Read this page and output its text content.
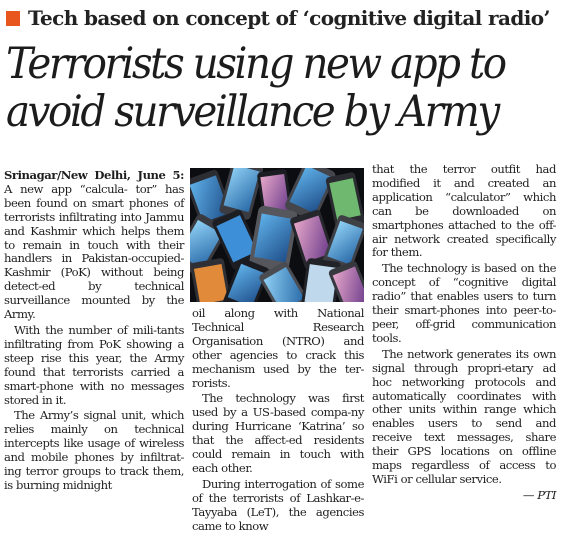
Tech based on concept of ‘cognitive digital radio’
Terrorists using new app to
avoid surveillance by Army

Srinagar/New Delhi, June 5: A new app “calcula- tor” has been found on smart phones of terrorists infiltrating into Jammu and Kashmir which helps them to remain in touch with their handlers in Pakistan-occupied-Kashmir (PoK) without being detect-ed by technical surveillance mounted by the Army.

With the number of mili-tants infiltrating from PoK showing a steep rise this year, the Army found that terrorists carried a smart-phone with no messages stored in it.

The Army’s signal unit, which relies mainly on technical intercepts like usage of wireless and mobile phones by infiltrat-ing terror groups to track them, is burning midnight

oil along with National Technical Research Organisation (NTRO) and other agencies to crack this mechanism used by the ter-rorists.

The technology was first used by a US-based compa-ny during Hurricane ‘Katrina’ so that the affect-ed residents could remain in touch with each other.

During interrogation of some of the terrorists of Lashkar-e-Tayyaba (LeT), the agencies came to know

that the terror outfit had modified it and created an application “calculator” which can be downloaded on smartphones attached to the off-air network created specifically for them.

The technology is based on the concept of “cognitive digital radio” that enables users to turn their smart-phones into peer-to-peer, off-grid communication tools.

The network generates its own signal through propri-etary ad hoc networking protocols and automatically coordinates with other units within range which enables users to send and receive text messages, share their GPS locations on offline maps regardless of access to WiFi or cellular service.

— PTI
